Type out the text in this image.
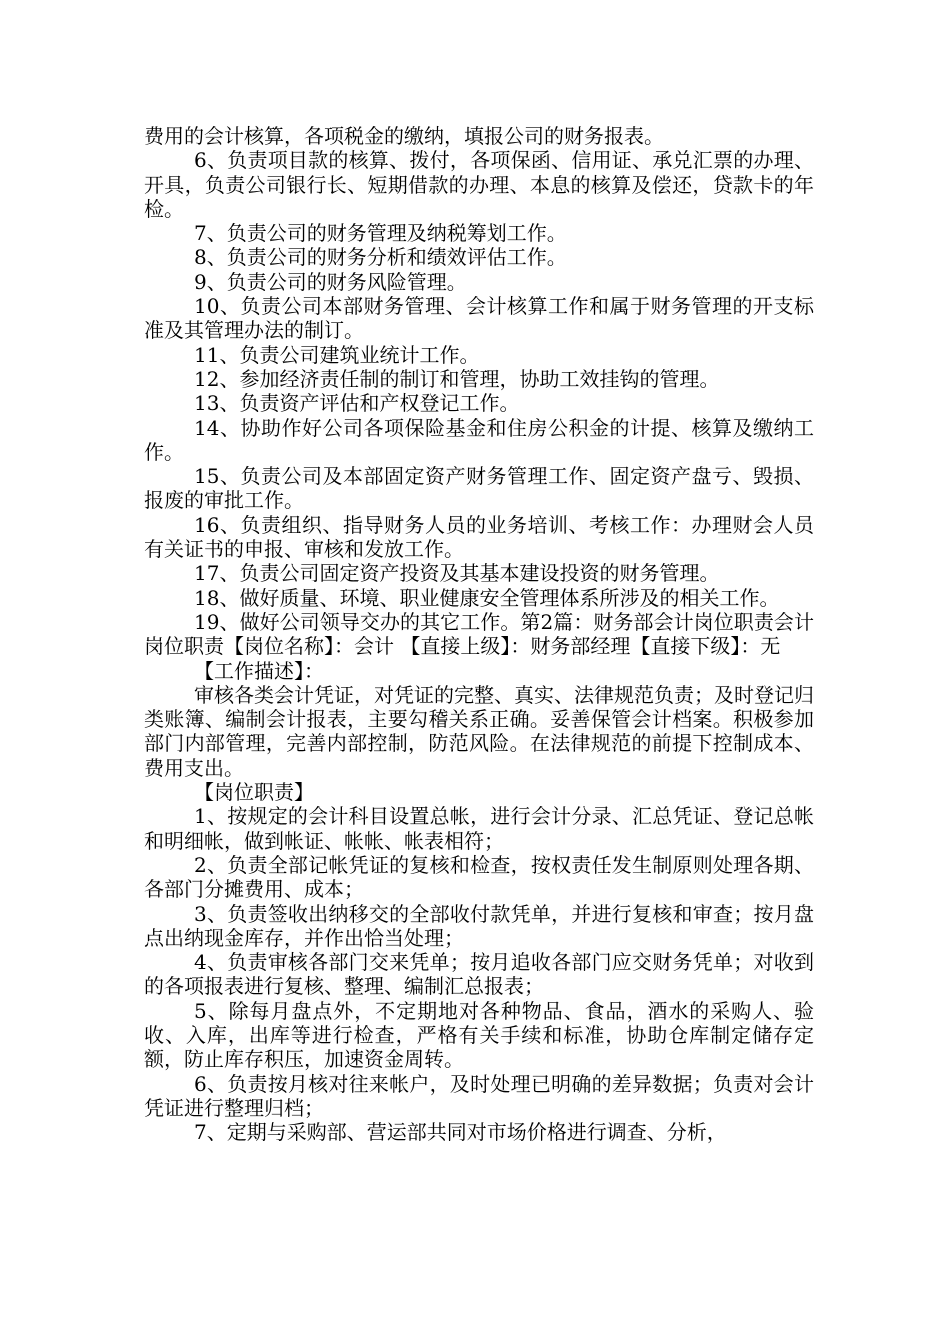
费用的会计核算，各项税金的缴纳，填报公司的财务报表。

6、负责项目款的核算、拨付，各项保函、信用证、承兑汇票的办理、开具，负责公司银行长、短期借款的办理、本息的核算及偿还，贷款卡的年检。

7、负责公司的财务管理及纳税筹划工作。

8、负责公司的财务分析和绩效评估工作。

9、负责公司的财务风险管理。

10、负责公司本部财务管理、会计核算工作和属于财务管理的开支标准及其管理办法的制订。

11、负责公司建筑业统计工作。

12、参加经济责任制的制订和管理，协助工效挂钩的管理。

13、负责资产评估和产权登记工作。

14、协助作好公司各项保险基金和住房公积金的计提、核算及缴纳工作。

15、负责公司及本部固定资产财务管理工作、固定资产盘亏、毁损、报废的审批工作。

16、负责组织、指导财务人员的业务培训、考核工作：办理财会人员有关证书的申报、审核和发放工作。

17、负责公司固定资产投资及其基本建设投资的财务管理。

18、做好质量、环境、职业健康安全管理体系所涉及的相关工作。

19、做好公司领导交办的其它工作。第2篇：财务部会计岗位职责会计岗位职责【岗位名称】：会计 【直接上级】：财务部经理【直接下级】：无

【工作描述】：

审核各类会计凭证，对凭证的完整、真实、法律规范负责；及时登记归类账簿、编制会计报表，主要勾稽关系正确。妥善保管会计档案。积极参加部门内部管理，完善内部控制，防范风险。在法律规范的前提下控制成本、费用支出。

【岗位职责】

1、按规定的会计科目设置总帐，进行会计分录、汇总凭证、登记总帐和明细帐，做到帐证、帐帐、帐表相符；

2、负责全部记帐凭证的复核和检查，按权责任发生制原则处理各期、各部门分摊费用、成本；

3、负责签收出纳移交的全部收付款凭单，并进行复核和审查；按月盘点出纳现金库存，并作出恰当处理；

4、负责审核各部门交来凭单；按月追收各部门应交财务凭单；对收到的各项报表进行复核、整理、编制汇总报表；

5、除每月盘点外，不定期地对各种物品、食品，酒水的采购人、验收、入库，出库等进行检查，严格有关手续和标准，协助仓库制定储存定额，防止库存积压，加速资金周转。

6、负责按月核对往来帐户，及时处理已明确的差异数据；负责对会计凭证进行整理归档；

7、定期与采购部、营运部共同对市场价格进行调查、分析，
